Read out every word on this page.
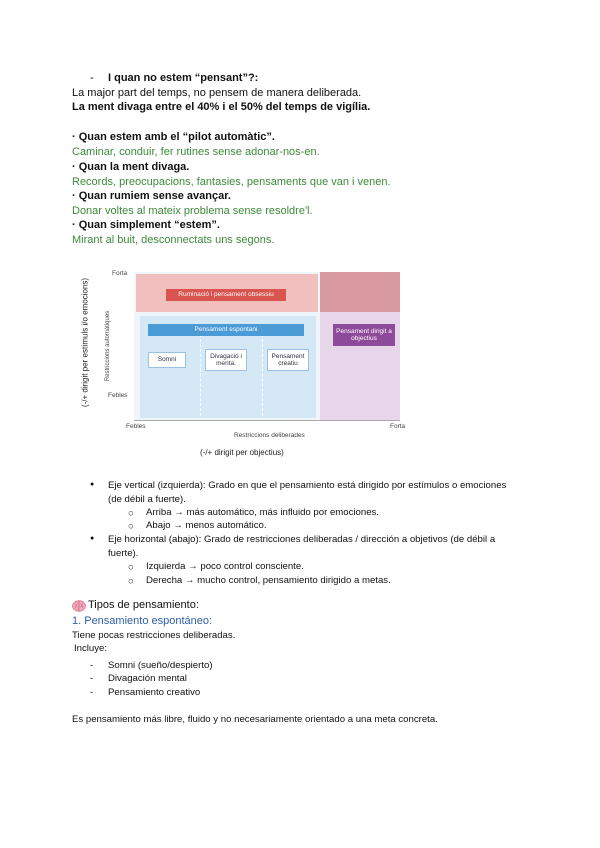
- I quan no estem “pensant”?:
La major part del temps, no pensem de manera deliberada.
La ment divaga entre el 40% i el 50% del temps de vigília.
· Quan estem amb el “pilot automàtic”.
Caminar, conduir, fer rutines sense adonar-nos-en.
· Quan la ment divaga.
Records, preocupacions, fantasies, pensaments que van i venen.
· Quan rumiem sense avançar.
Donar voltes al mateix problema sense resoldre'l.
· Quan simplement “estem”.
Mirant al buit, desconnectats uns segons.
(-/+ dirigit per estímuls i/o emocions)	Restriccions automàtiques
Forta
Febles
Ruminació i pensament obsessiu
Pensament espontani
Somni
Divagació i menta.
Pensament creatiu
Pensament dirigit a objectius
Febles	Forta
Restriccions deliberades
(-/+ dirigit per objectius)
● Eje vertical (izquierda): Grado en que el pensamiento está dirigido por estímulos o emociones (de débil a fuerte).
○ Arriba → más automático, más influido por emociones.
○ Abajo → menos automático.
● Eje horizontal (abajo): Grado de restricciones deliberadas / dirección a objetivos (de débil a fuerte).
○ Izquierda → poco control consciente.
○ Derecha → mucho control, pensamiento dirigido a metas.
Tipos de pensamiento:
1. Pensamiento espontáneo:
Tiene pocas restricciones deliberadas.
Incluye:
- Somni (sueño/despierto)
- Divagación mental
- Pensamiento creativo
Es pensamiento más libre, fluido y no necesariamente orientado a una meta concreta.
